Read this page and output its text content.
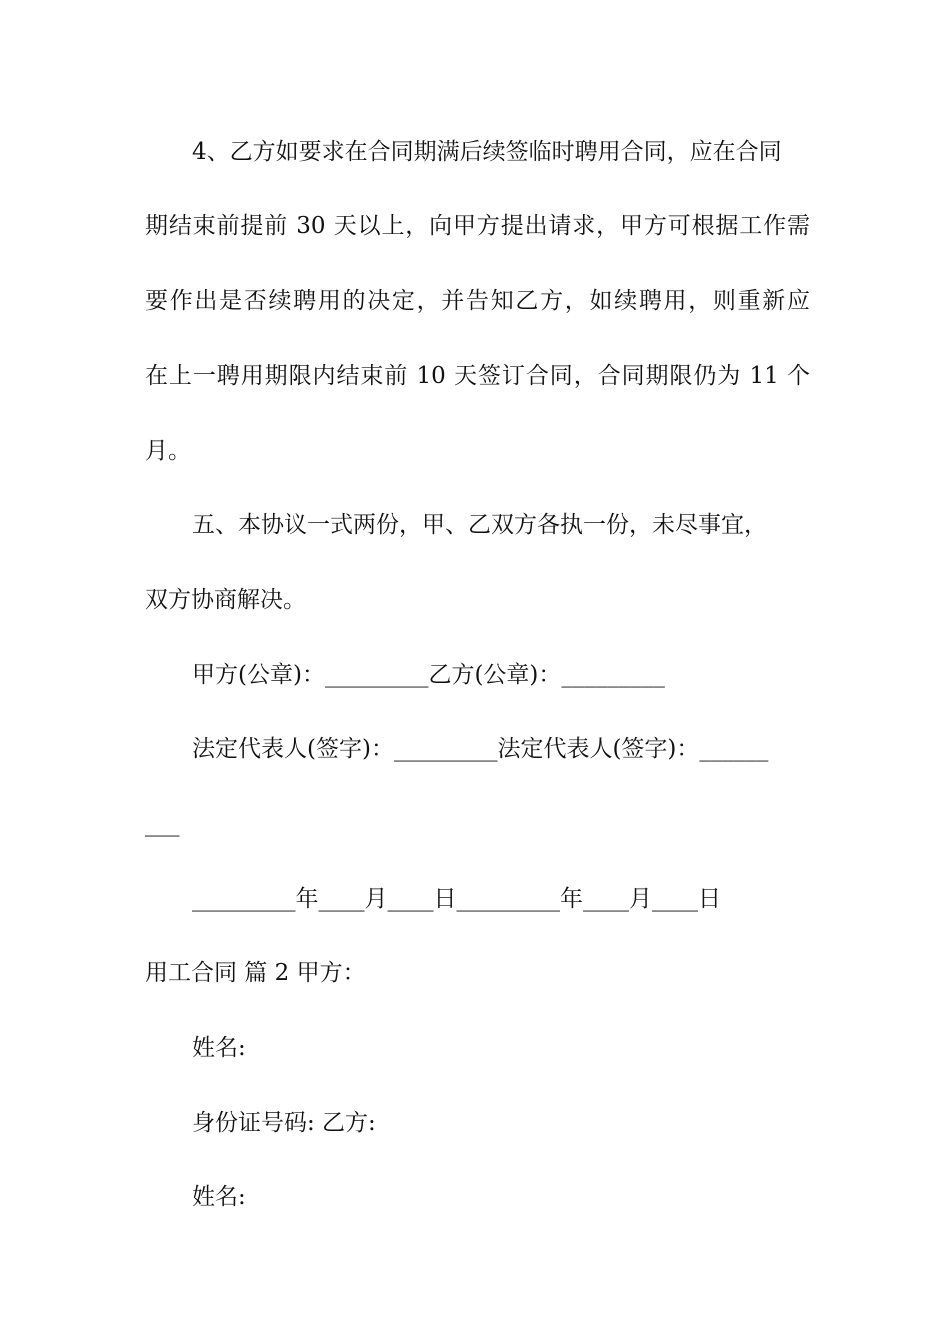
4、乙方如要求在合同期满后续签临时聘用合同，应在合同
期结束前提前 30 天以上，向甲方提出请求，甲方可根据工作需
要作出是否续聘用的决定，并告知乙方，如续聘用，则重新应
在上一聘用期限内结束前 10 天签订合同，合同期限仍为 11 个
月。
五、本协议一式两份，甲、乙双方各执一份，未尽事宜，
双方协商解决。
甲方(公章)：_________乙方(公章)：_________
法定代表人(签字)：_________法定代表人(签字)：______
___
_________年____月____日_________年____月____日
用工合同 篇 2 甲方：
姓名:
身份证号码: 乙方:
姓名:
